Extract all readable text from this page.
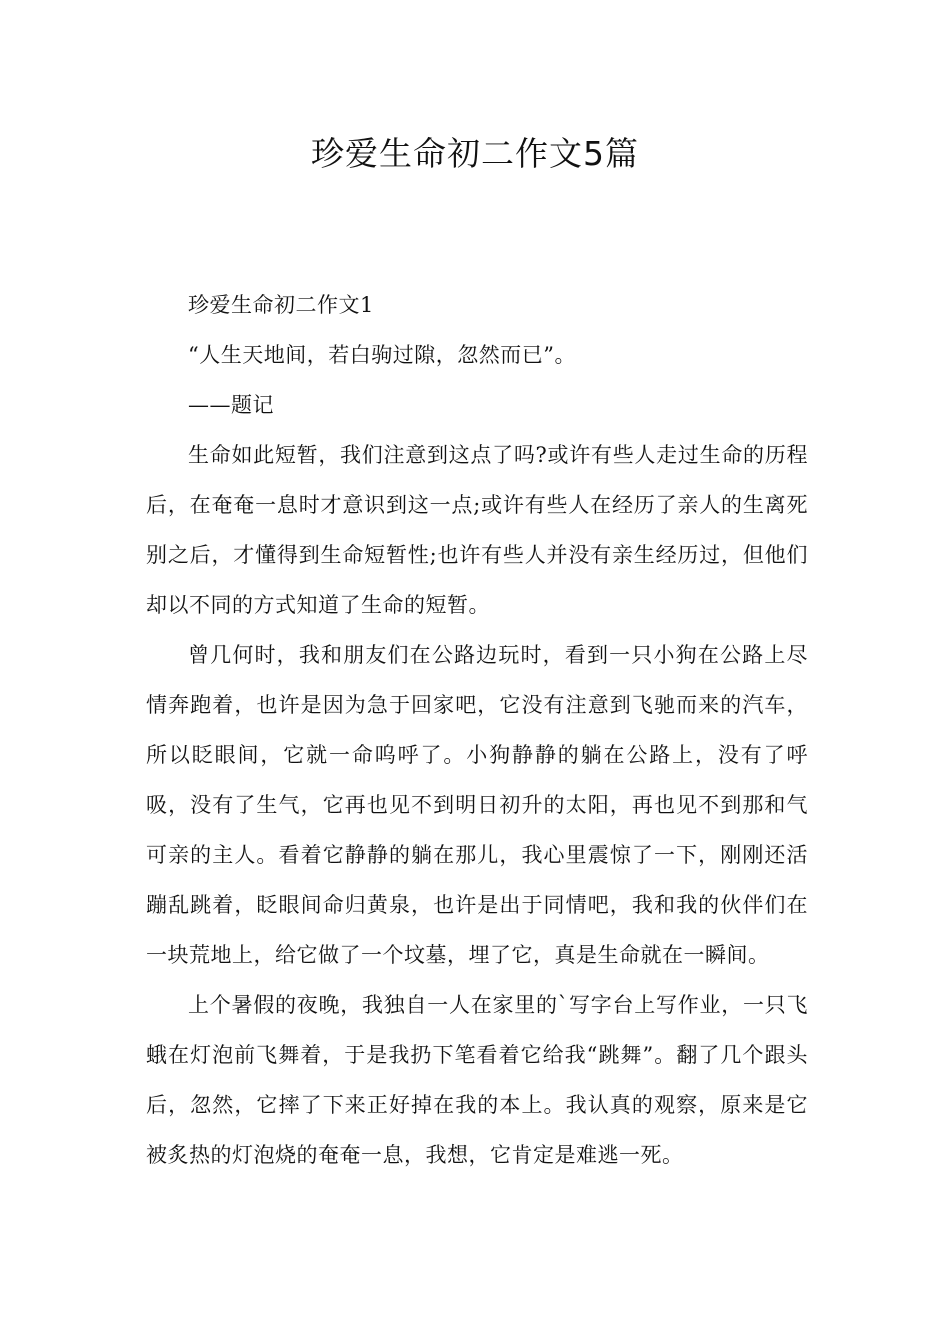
珍爱生命初二作文5篇

珍爱生命初二作文1

“人生天地间，若白驹过隙，忽然而已”。

——题记

生命如此短暂，我们注意到这点了吗?或许有些人走过生命的历程后，在奄奄一息时才意识到这一点;或许有些人在经历了亲人的生离死别之后，才懂得到生命短暂性;也许有些人并没有亲生经历过，但他们却以不同的方式知道了生命的短暂。

曾几何时，我和朋友们在公路边玩时，看到一只小狗在公路上尽情奔跑着，也许是因为急于回家吧，它没有注意到飞驰而来的汽车，所以眨眼间，它就一命呜呼了。小狗静静的躺在公路上，没有了呼吸，没有了生气，它再也见不到明日初升的太阳，再也见不到那和气可亲的主人。看着它静静的躺在那儿，我心里震惊了一下，刚刚还活蹦乱跳着，眨眼间命归黄泉，也许是出于同情吧，我和我的伙伴们在一块荒地上，给它做了一个坟墓，埋了它，真是生命就在一瞬间。

上个暑假的夜晚，我独自一人在家里的`写字台上写作业，一只飞蛾在灯泡前飞舞着，于是我扔下笔看着它给我“跳舞”。翻了几个跟头后，忽然，它摔了下来正好掉在我的本上。我认真的观察，原来是它被炙热的灯泡烧的奄奄一息，我想，它肯定是难逃一死。
